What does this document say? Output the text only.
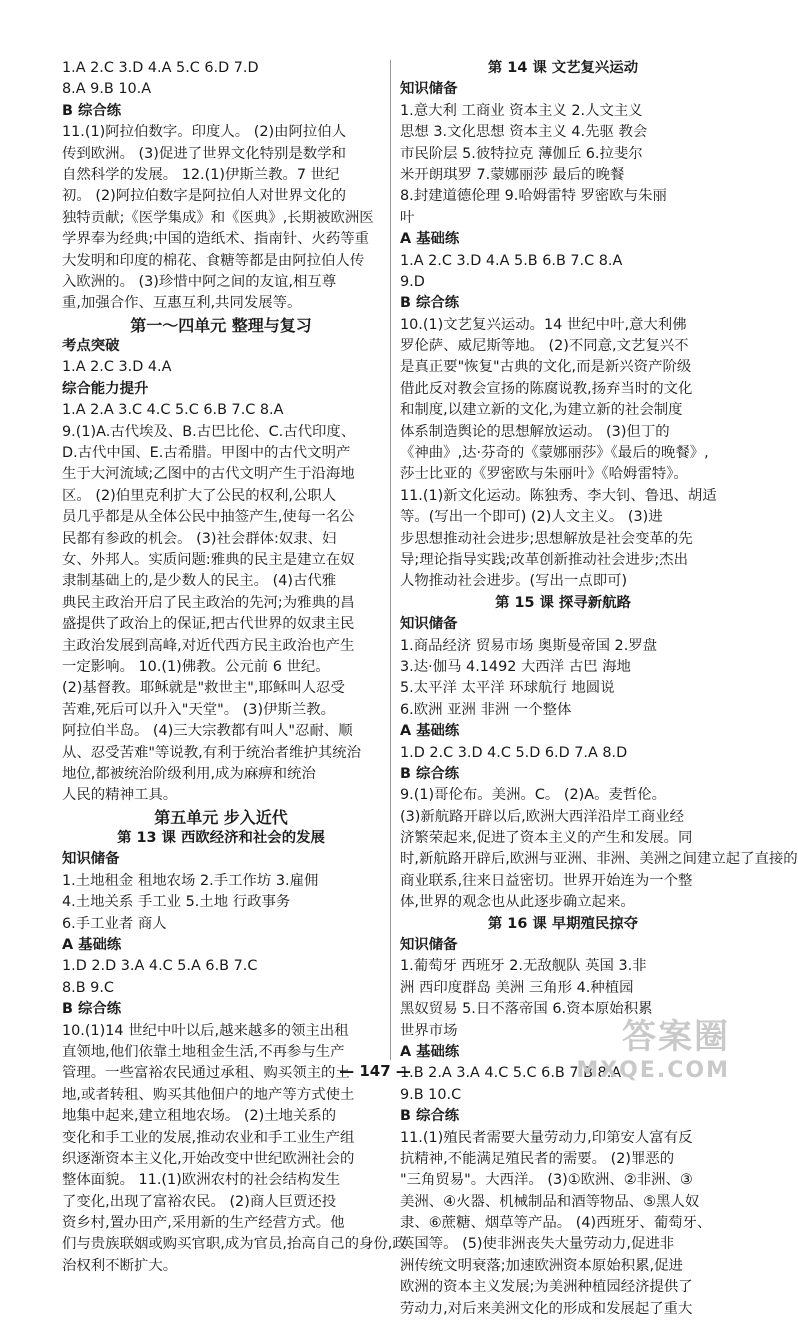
1.A 2.C 3.D 4.A 5.C 6.D 7.D
8.A 9.B 10.A
B 综合练
11.(1)阿拉伯数字。印度人。 (2)由阿拉伯人
传到欧洲。 (3)促进了世界文化特别是数学和
自然科学的发展。 12.(1)伊斯兰教。7 世纪
初。 (2)阿拉伯数字是阿拉伯人对世界文化的
独特贡献;《医学集成》和《医典》,长期被欧洲医
学界奉为经典;中国的造纸术、指南针、火药等重
大发明和印度的棉花、食糖等都是由阿拉伯人传
入欧洲的。 (3)珍惜中阿之间的友谊,相互尊
重,加强合作、互惠互利,共同发展等。
第一～四单元 整理与复习
考点突破
1.A 2.C 3.D 4.A
综合能力提升
1.A 2.A 3.C 4.C 5.C 6.B 7.C 8.A
9.(1)A.古代埃及、B.古巴比伦、C.古代印度、
D.古代中国、E.古希腊。甲图中的古代文明产
生于大河流域;乙图中的古代文明产生于沿海地
区。 (2)伯里克利扩大了公民的权利,公职人
员几乎都是从全体公民中抽签产生,使每一名公
民都有参政的机会。 (3)社会群体:奴隶、妇
女、外邦人。实质问题:雅典的民主是建立在奴
隶制基础上的,是少数人的民主。 (4)古代雅
典民主政治开启了民主政治的先河;为雅典的昌
盛提供了政治上的保证,把古代世界的奴隶主民
主政治发展到高峰,对近代西方民主政治也产生
一定影响。 10.(1)佛教。公元前 6 世纪。
(2)基督教。耶稣就是"救世主",耶稣叫人忍受
苦难,死后可以升入"天堂"。 (3)伊斯兰教。
阿拉伯半岛。 (4)三大宗教都有叫人"忍耐、顺
从、忍受苦难"等说教,有利于统治者维护其统治
地位,都被统治阶级利用,成为麻痹和统治
人民的精神工具。
第五单元 步入近代
第 13 课 西欧经济和社会的发展
知识储备
1.土地租金 租地农场 2.手工作坊 3.雇佣
4.土地关系 手工业 5.土地 行政事务
6.手工业者 商人
A 基础练
1.D 2.D 3.A 4.C 5.A 6.B 7.C
8.B 9.C
B 综合练
10.(1)14 世纪中叶以后,越来越多的领主出租
直领地,他们依靠土地租金生活,不再参与生产
管理。一些富裕农民通过承租、购买领主的土
地,或者转租、购买其他佃户的地产等方式使土
地集中起来,建立租地农场。 (2)土地关系的
变化和手工业的发展,推动农业和手工业生产组
织逐渐资本主义化,开始改变中世纪欧洲社会的
整体面貌。 11.(1)欧洲农村的社会结构发生
了变化,出现了富裕农民。 (2)商人巨贾还投
资乡村,置办田产,采用新的生产经营方式。他
们与贵族联姻或购买官职,成为官员,抬高自己的身份,政
治权利不断扩大。
第 14 课 文艺复兴运动
知识储备
1.意大利 工商业 资本主义 2.人文主义
思想 3.文化思想 资本主义 4.先驱 教会
市民阶层 5.彼特拉克 薄伽丘 6.拉斐尔
米开朗琪罗 7.蒙娜丽莎 最后的晚餐
8.封建道德伦理 9.哈姆雷特 罗密欧与朱丽
叶
A 基础练
1.A 2.C 3.D 4.A 5.B 6.B 7.C 8.A
9.D
B 综合练
10.(1)文艺复兴运动。14 世纪中叶,意大利佛
罗伦萨、威尼斯等地。 (2)不同意,文艺复兴不
是真正要"恢复"古典的文化,而是新兴资产阶级
借此反对教会宣扬的陈腐说教,扬弃当时的文化
和制度,以建立新的文化,为建立新的社会制度
体系制造舆论的思想解放运动。 (3)但丁的
《神曲》,达·芬奇的《蒙娜丽莎》《最后的晚餐》,
莎士比亚的《罗密欧与朱丽叶》《哈姆雷特》。
11.(1)新文化运动。陈独秀、李大钊、鲁迅、胡适
等。(写出一个即可) (2)人文主义。 (3)进
步思想推动社会进步;思想解放是社会变革的先
导;理论指导实践;改革创新推动社会进步;杰出
人物推动社会进步。(写出一点即可)
第 15 课 探寻新航路
知识储备
1.商品经济 贸易市场 奥斯曼帝国 2.罗盘
3.达·伽马 4.1492 大西洋 古巴 海地
5.太平洋 太平洋 环球航行 地圆说
6.欧洲 亚洲 非洲 一个整体
A 基础练
1.D 2.C 3.D 4.C 5.D 6.D 7.A 8.D
B 综合练
9.(1)哥伦布。美洲。C。 (2)A。麦哲伦。
(3)新航路开辟以后,欧洲大西洋沿岸工商业经
济繁荣起来,促进了资本主义的产生和发展。同
时,新航路开辟后,欧洲与亚洲、非洲、美洲之间建立起了直接的
商业联系,往来日益密切。世界开始连为一个整
体,世界的观念也从此逐步确立起来。
第 16 课 早期殖民掠夺
知识储备
1.葡萄牙 西班牙 2.无敌舰队 英国 3.非
洲 西印度群岛 美洲 三角形 4.种植园
黑奴贸易 5.日不落帝国 6.资本原始积累
世界市场
A 基础练
1.B 2.A 3.A 4.C 5.C 6.B 7.B 8.A
9.B 10.C
B 综合练
11.(1)殖民者需要大量劳动力,印第安人富有反
抗精神,不能满足殖民者的需要。 (2)罪恶的
"三角贸易"。大西洋。 (3)①欧洲、②非洲、③
美洲、④火器、机械制品和酒等物品、⑤黑人奴
隶、⑥蔗糖、烟草等产品。 (4)西班牙、葡萄牙、
英国等。 (5)使非洲丧失大量劳动力,促进非
洲传统文明衰落;加速欧洲资本原始积累,促进
欧洲的资本主义发展;为美洲种植园经济提供了
劳动力,对后来美洲文化的形成和发展起了重大
— 147 —
答案圈
MXQE.COM
